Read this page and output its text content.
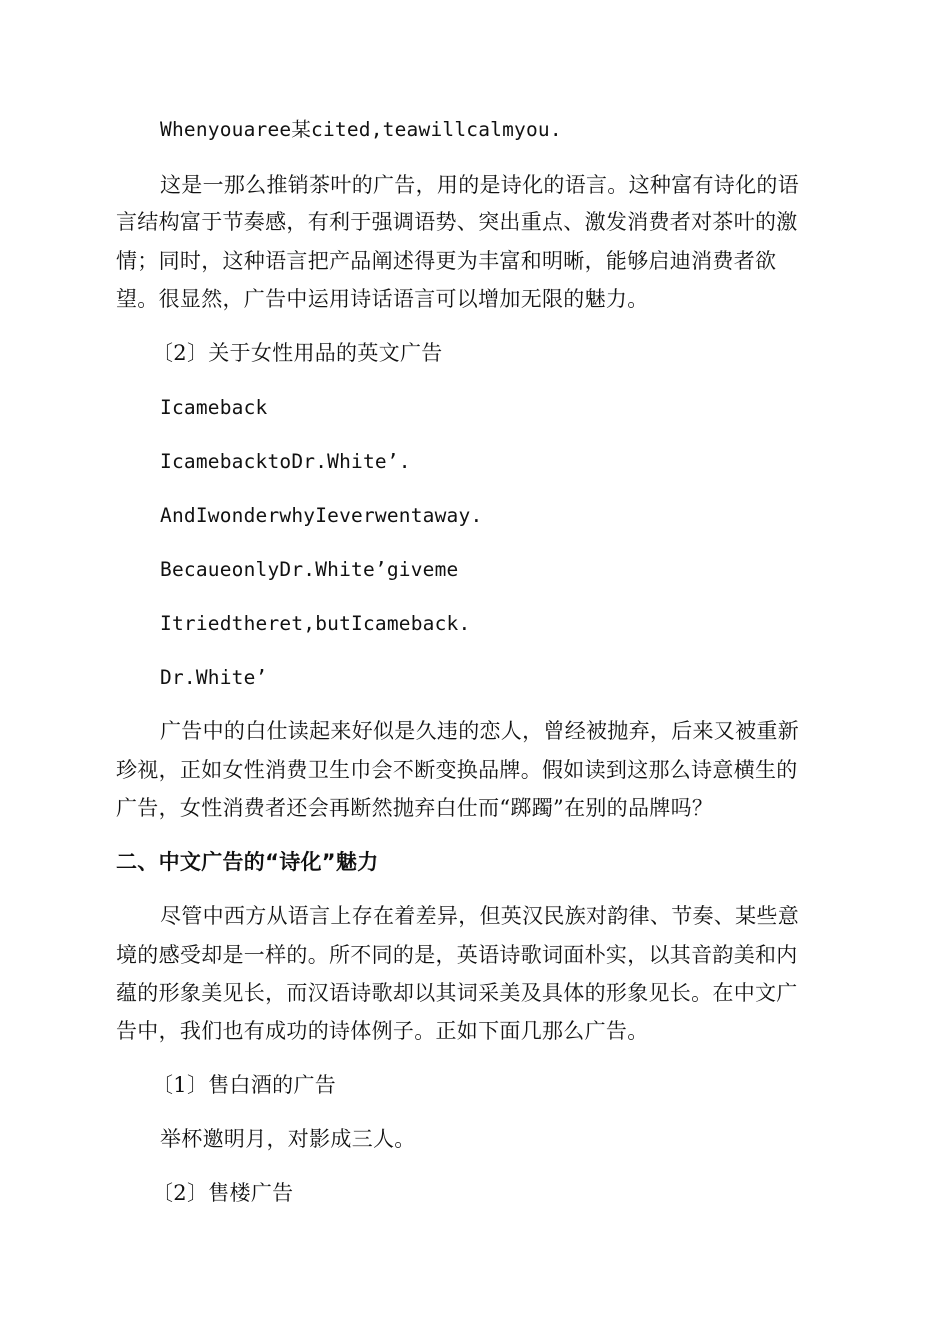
Whenyouaree某cited,teawillcalmyou.
这是一那么推销茶叶的广告，用的是诗化的语言。这种富有诗化的语
言结构富于节奏感，有利于强调语势、突出重点、激发消费者对茶叶的激
情；同时，这种语言把产品阐述得更为丰富和明晰，能够启迪消费者欲
望。很显然，广告中运用诗话语言可以增加无限的魅力。
〔2〕关于女性用品的英文广告
Icameback
IcamebacktoDr.White’.
AndIwonderwhyIeverwentaway.
BecaueonlyDr.White’giveme
Itriedtheret,butIcameback.
Dr.White’
广告中的白仕读起来好似是久违的恋人，曾经被抛弃，后来又被重新
珍视，正如女性消费卫生巾会不断变换品牌。假如读到这那么诗意横生的
广告，女性消费者还会再断然抛弃白仕而“踯躅”在别的品牌吗？
二、中文广告的“诗化”魅力
尽管中西方从语言上存在着差异，但英汉民族对韵律、节奏、某些意
境的感受却是一样的。所不同的是，英语诗歌词面朴实，以其音韵美和内
蕴的形象美见长，而汉语诗歌却以其词采美及具体的形象见长。在中文广
告中，我们也有成功的诗体例子。正如下面几那么广告。
〔1〕售白酒的广告
举杯邀明月，对影成三人。
〔2〕售楼广告
